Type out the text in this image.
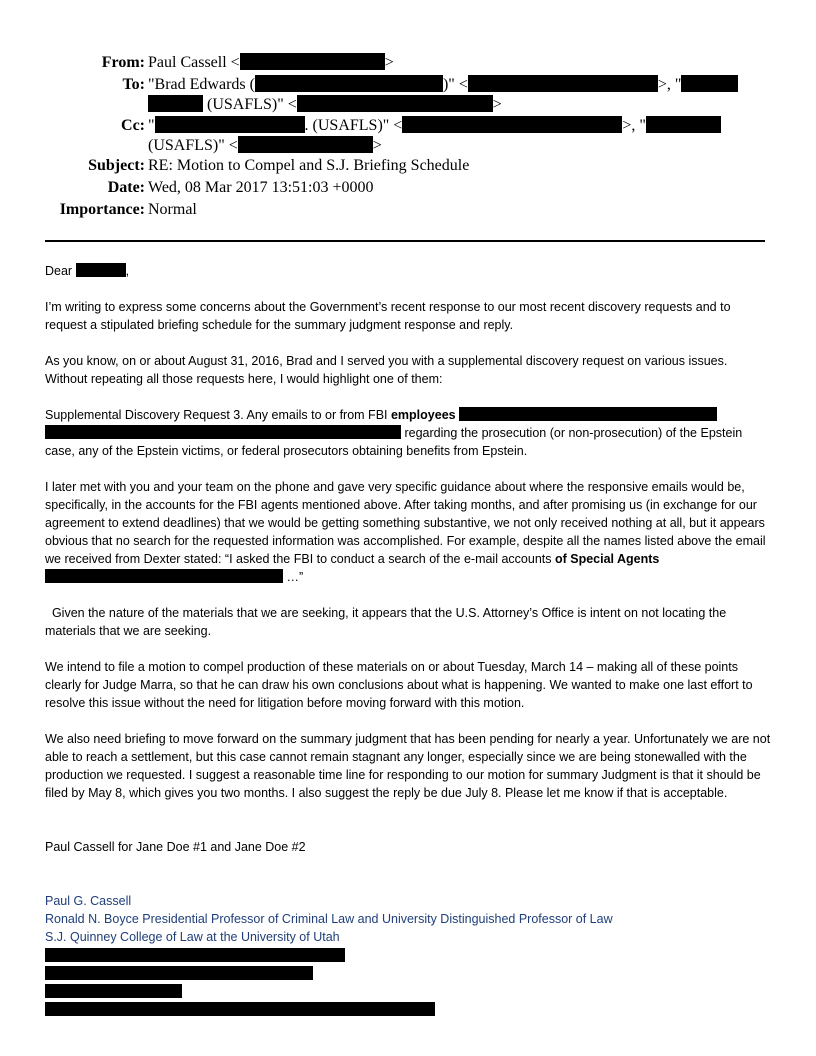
From: Paul Cassell <	>
To: "Brad Edwards (	)" <	>, "
(USAFLS)" <	>
Cc: "	. (USAFLS)" <	>, "
(USAFLS)" <	>
Subject: RE: Motion to Compel and S.J. Briefing Schedule
Date: Wed, 08 Mar 2017 13:51:03 +0000
Importance: Normal

Dear	,

I’m writing to express some concerns about the Government’s recent response to our most recent discovery requests and to request a stipulated briefing schedule for the summary judgment response and reply.

As you know, on or about August 31, 2016, Brad and I served you with a supplemental discovery request on various issues. Without repeating all those requests here, I would highlight one of them:

Supplemental Discovery Request 3. Any emails to or from FBI employees   regarding the prosecution (or non-prosecution) of the Epstein case, any of the Epstein victims, or federal prosecutors obtaining benefits from Epstein.

I later met with you and your team on the phone and gave very specific guidance about where the responsive emails would be, specifically, in the accounts for the FBI agents mentioned above. After taking months, and after promising us (in exchange for our agreement to extend deadlines) that we would be getting something substantive, we not only received nothing at all, but it appears obvious that no search for the requested information was accomplished. For example, despite all the names listed above the email we received from Dexter stated: “I asked the FBI to conduct a search of the e-mail accounts of Special Agents  …”

Given the nature of the materials that we are seeking, it appears that the U.S. Attorney’s Office is intent on not locating the materials that we are seeking.

We intend to file a motion to compel production of these materials on or about Tuesday, March 14 – making all of these points clearly for Judge Marra, so that he can draw his own conclusions about what is happening. We wanted to make one last effort to resolve this issue without the need for litigation before moving forward with this motion.

We also need briefing to move forward on the summary judgment that has been pending for nearly a year. Unfortunately we are not able to reach a settlement, but this case cannot remain stagnant any longer, especially since we are being stonewalled with the production we requested. I suggest a reasonable time line for responding to our motion for summary Judgment is that it should be filed by May 8, which gives you two months. I also suggest the reply be due July 8. Please let me know if that is acceptable.

Paul Cassell for Jane Doe #1 and Jane Doe #2

Paul G. Cassell
Ronald N. Boyce Presidential Professor of Criminal Law and University Distinguished Professor of Law
S.J. Quinney College of Law at the University of Utah
